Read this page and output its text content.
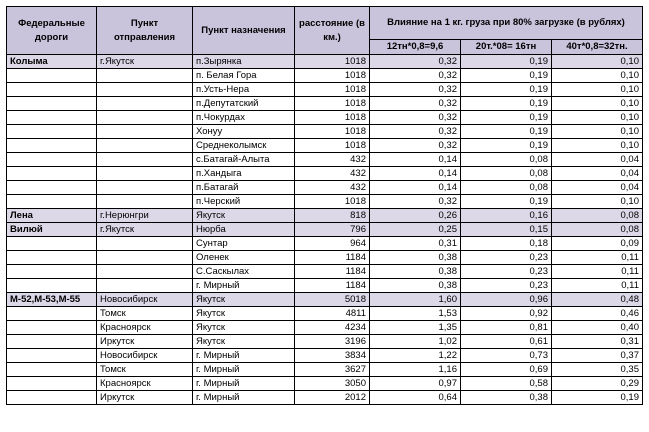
Федеральные дороги	Пункт отправления	Пункт назначения	расстояние (в км.)	Влияние на 1 кг. груза при 80% загрузке (в рублях)		
				12тн*0,8=9,6	20т.*08= 16тн	40т*0,8=32тн.
Колыма	г.Якутск	п.Зырянка	1018	0,32	0,19	0,10
		п. Белая Гора	1018	0,32	0,19	0,10
		п.Усть-Нера	1018	0,32	0,19	0,10
		п.Депутатский	1018	0,32	0,19	0,10
		п.Чокурдах	1018	0,32	0,19	0,10
		Хонуу	1018	0,32	0,19	0,10
		Среднеколымск	1018	0,32	0,19	0,10
		с.Батагай-Алыта	432	0,14	0,08	0,04
		п.Хандыга	432	0,14	0,08	0,04
		п.Батагай	432	0,14	0,08	0,04
		п.Черский	1018	0,32	0,19	0,10
Лена	г.Нерюнгри	Якутск	818	0,26	0,16	0,08
Вилюй	г.Якутск	Нюрба	796	0,25	0,15	0,08
		Сунтар	964	0,31	0,18	0,09
		Оленек	1184	0,38	0,23	0,11
		С.Саскылах	1184	0,38	0,23	0,11
		г. Мирный	1184	0,38	0,23	0,11
М-52,М-53,М-55	Новосибирск	Якутск	5018	1,60	0,96	0,48
	Томск	Якутск	4811	1,53	0,92	0,46
	Красноярск	Якутск	4234	1,35	0,81	0,40
	Иркутск	Якутск	3196	1,02	0,61	0,31
	Новосибирск	г. Мирный	3834	1,22	0,73	0,37
	Томск	г. Мирный	3627	1,16	0,69	0,35
	Красноярск	г. Мирный	3050	0,97	0,58	0,29
	Иркутск	г. Мирный	2012	0,64	0,38	0,19
